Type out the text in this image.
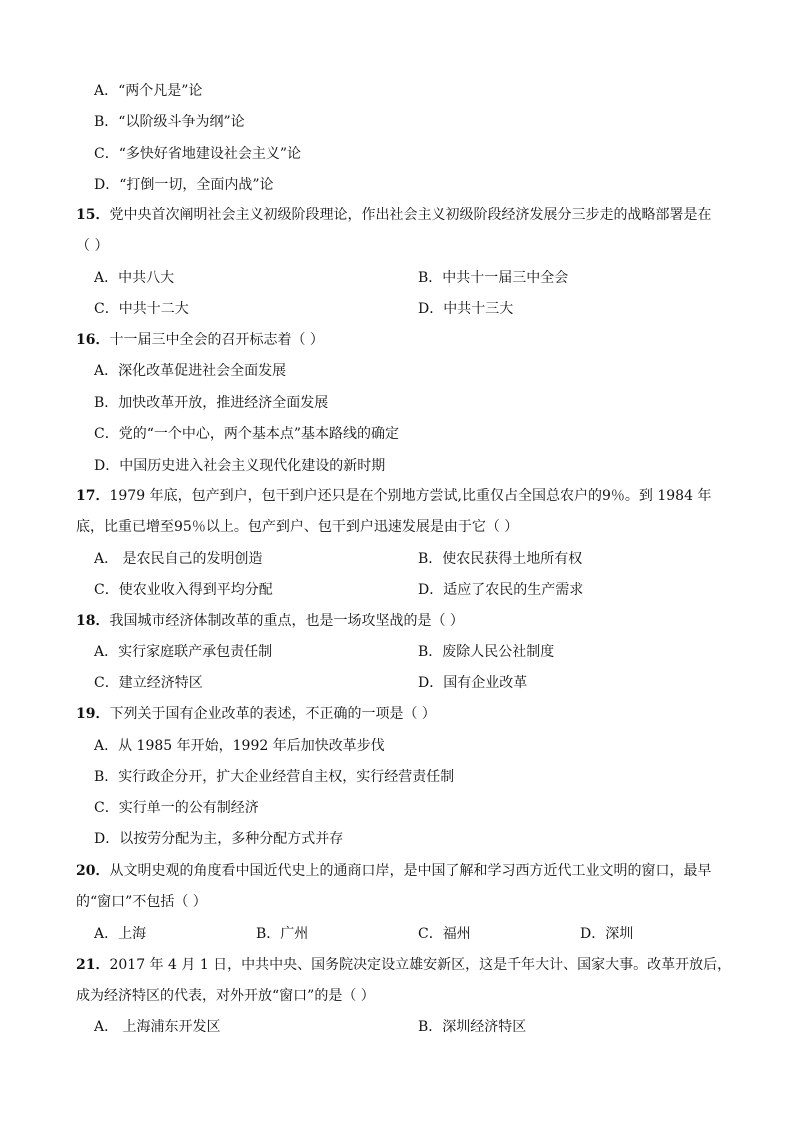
A．“两个凡是”论
B．“以阶级斗争为纲”论
C．“多快好省地建设社会主义”论
D．“打倒一切，全面内战”论
15．党中央首次阐明社会主义初级阶段理论，作出社会主义初级阶段经济发展分三步走的战略部署是在
（ ）
A．中共八大	B．中共十一届三中全会
C．中共十二大	D．中共十三大
16．十一届三中全会的召开标志着（ ）
A．深化改革促进社会全面发展
B．加快改革开放，推进经济全面发展
C．党的“一个中心，两个基本点”基本路线的确定
D．中国历史进入社会主义现代化建设的新时期
17．1979 年底，包产到户，包干到户还只是在个别地方尝试,比重仅占全国总农户的9％。到 1984 年
底，比重已增至95％以上。包产到户、包干到户迅速发展是由于它（ ）
A． 是农民自己的发明创造	B．使农民获得土地所有权
C．使农业收入得到平均分配	D．适应了农民的生产需求
18．我国城市经济体制改革的重点，也是一场攻坚战的是（ ）
A．实行家庭联产承包责任制	B．废除人民公社制度
C．建立经济特区	D．国有企业改革
19．下列关于国有企业改革的表述，不正确的一项是（ ）
A．从 1985 年开始，1992 年后加快改革步伐
B．实行政企分开，扩大企业经营自主权，实行经营责任制
C．实行单一的公有制经济
D．以按劳分配为主，多种分配方式并存
20．从文明史观的角度看中国近代史上的通商口岸，是中国了解和学习西方近代工业文明的窗口，最早
的“窗口”不包括（ ）
A．上海	B．广州	C．福州	D．深圳
21．2017 年 4 月 1 日，中共中央、国务院决定设立雄安新区，这是千年大计、国家大事。改革开放后，
成为经济特区的代表，对外开放“窗口”的是（ ）
A． 上海浦东开发区	B．深圳经济特区
